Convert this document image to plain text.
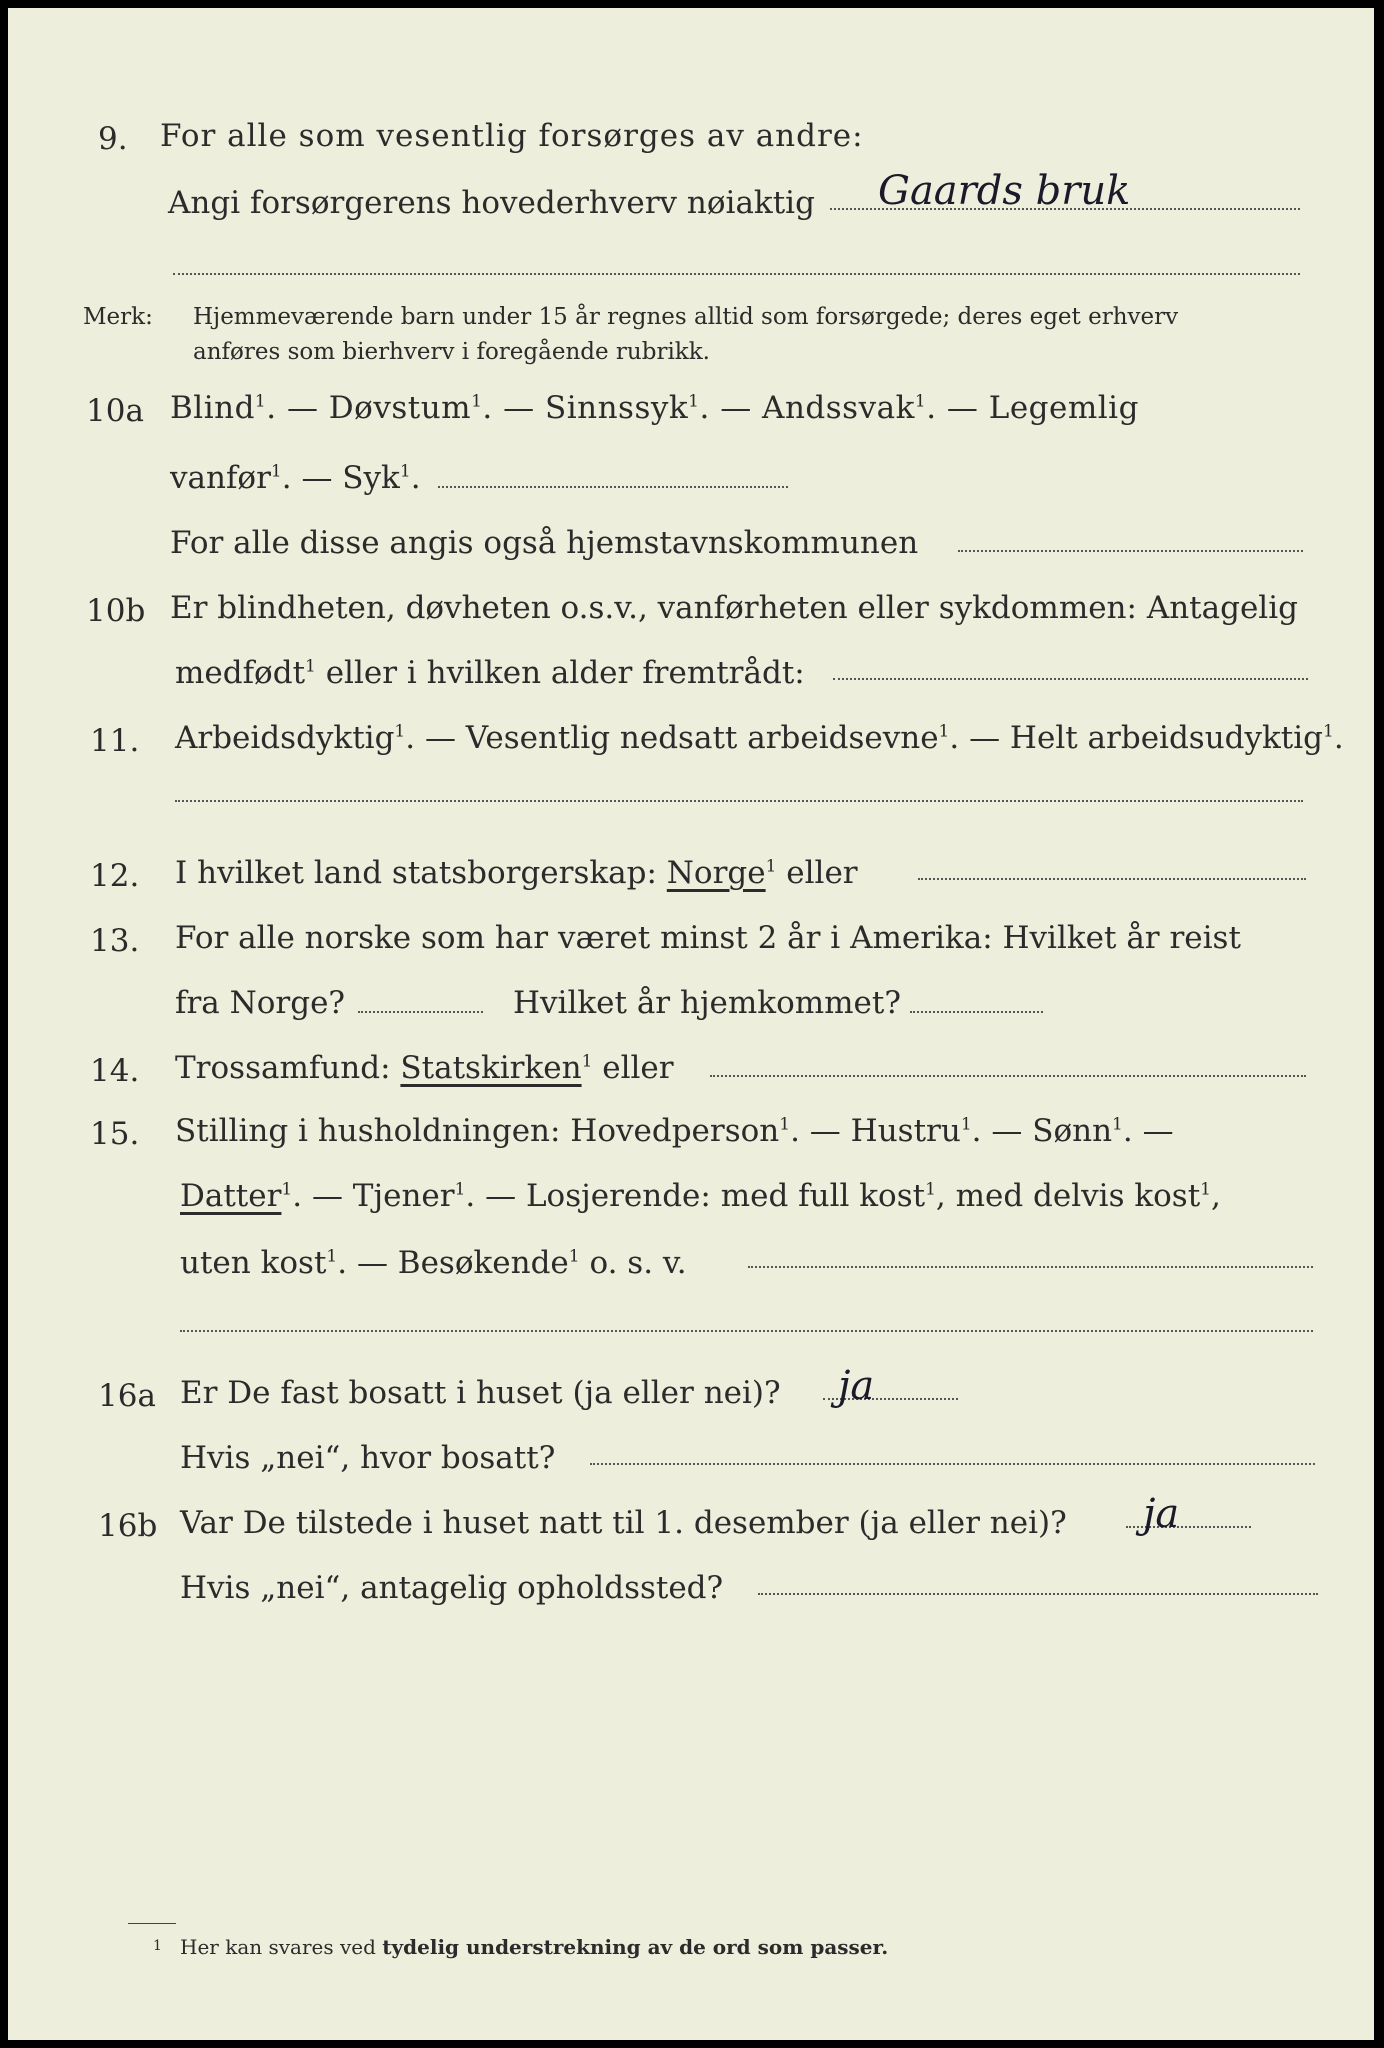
9. For alle som vesentlig forsørges av andre:
Angi forsørgerens hovederhverv nøiaktig Gaards bruk
Merk: Hjemmeværende barn under 15 år regnes alltid som forsørgede; deres eget erhverv
anføres som bierhverv i foregående rubrikk.
10a Blind$^1$. — Døvstum$^1$. — Sinnssyk$^1$. — Andssvak$^1$. — Legemlig
vanfør$^1$. — Syk$^1$.
For alle disse angis også hjemstavnskommunen
10b Er blindheten, døvheten o.s.v., vanførheten eller sykdommen: Antagelig
medfødt$^1$ eller i hvilken alder fremtrådt:
11. Arbeidsdyktig$^1$. — Vesentlig nedsatt arbeidsevne$^1$. — Helt arbeidsudyktig$^1$.
12. I hvilket land statsborgerskap: Norge$^1$ eller
13. For alle norske som har været minst 2 år i Amerika: Hvilket år reist
fra Norge?	Hvilket år hjemkommet?
14. Trossamfund: Statskirken$^1$ eller
15. Stilling i husholdningen: Hovedperson$^1$. — Hustru$^1$. — Sønn$^1$. —
Datter$^1$. — Tjener$^1$. — Losjerende: med full kost$^1$, med delvis kost$^1$,
uten kost$^1$. — Besøkende$^1$ o. s. v.
16a Er De fast bosatt i huset (ja eller nei)? ja
Hvis „nei“, hvor bosatt?
16b Var De tilstede i huset natt til 1. desember (ja eller nei)? ja
Hvis „nei“, antagelig opholdssted?
1 Her kan svares ved tydelig understrekning av de ord som passer.
